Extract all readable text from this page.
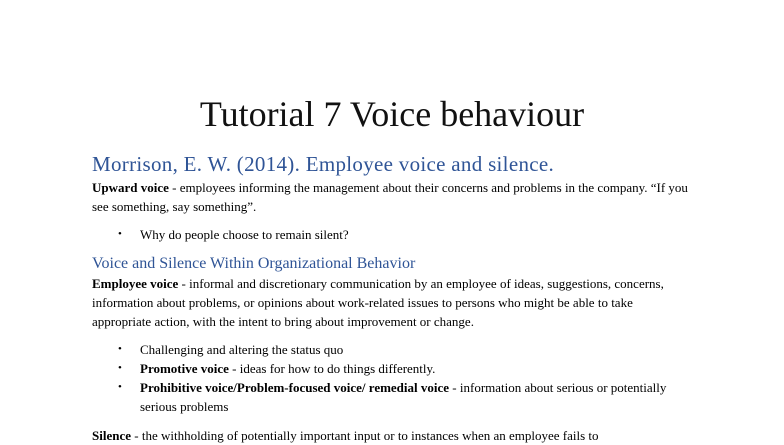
Tutorial 7 Voice behaviour
Morrison, E. W. (2014). Employee voice and silence.
Upward voice - employees informing the management about their concerns and problems in the company. “If you see something, say something”.
• Why do people choose to remain silent?
Voice and Silence Within Organizational Behavior
Employee voice - informal and discretionary communication by an employee of ideas, suggestions, concerns, information about problems, or opinions about work-related issues to persons who might be able to take appropriate action, with the intent to bring about improvement or change.
• Challenging and altering the status quo
• Promotive voice - ideas for how to do things differently.
• Prohibitive voice/Problem-focused voice/ remedial voice - information about serious or potentially serious problems
Silence - the withholding of potentially important input or to instances when an employee fails to
